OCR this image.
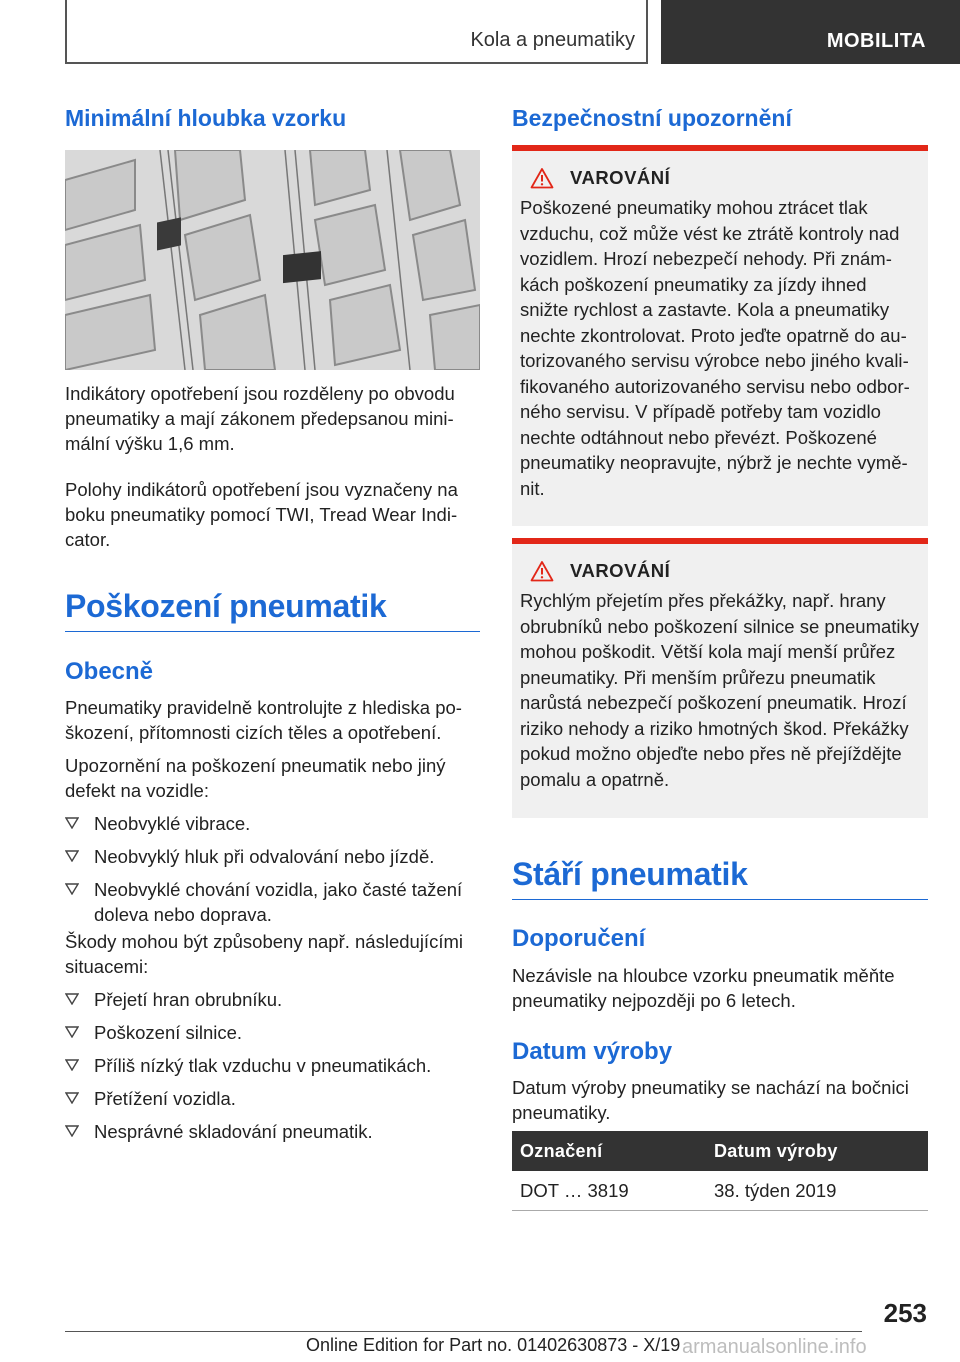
Kola a pneumatiky	MOBILITA
Minimální hloubka vzorku

Indikátory opotřebení jsou rozděleny po obvodu pneumatiky a mají zákonem předepsanou minimální výšku 1,6 mm.

Polohy indikátorů opotřebení jsou vyznačeny na boku pneumatiky pomocí TWI, Tread Wear Indicator.

Poškození pneumatik
Obecně

Pneumatiky pravidelně kontrolujte z hlediska poškození, přítomnosti cizích těles a opotřebení.

Upozornění na poškození pneumatik nebo jiný defekt na vozidle:

Neobvyklé vibrace.
Neobvyklý hluk při odvalování nebo jízdě.
Neobvyklé chování vozidla, jako časté tažení doleva nebo doprava.

Škody mohou být způsobeny např. následujícími situacemi:

Přejetí hran obrubníku.
Poškození silnice.
Příliš nízký tlak vzduchu v pneumatikách.
Přetížení vozidla.
Nesprávné skladování pneumatik.
Bezpečnostní upozornění
VAROVÁNÍ

Poškozené pneumatiky mohou ztrácet tlak vzduchu, což může vést ke ztrátě kontroly nad vozidlem. Hrozí nebezpečí nehody. Při známkách poškození pneumatiky za jízdy ihned snižte rychlost a zastavte. Kola a pneumatiky nechte zkontrolovat. Proto jeďte opatrně do autorizovaného servisu výrobce nebo jiného kvalifikovaného autorizovaného servisu nebo odborného servisu. V případě potřeby tam vozidlo nechte odtáhnout nebo převézt. Poškozené pneumatiky neopravujte, nýbrž je nechte vyměnit.

VAROVÁNÍ

Rychlým přejetím přes překážky, např. hrany obrubníků nebo poškození silnice se pneumatiky mohou poškodit. Větší kola mají menší průřez pneumatiky. Při menším průřezu pneumatik narůstá nebezpečí poškození pneumatik. Hrozí riziko nehody a riziko hmotných škod. Překážky pokud možno objeďte nebo přes ně přejíždějte pomalu a opatrně.

Stáří pneumatik
Doporučení

Nezávisle na hloubce vzorku pneumatik měňte pneumatiky nejpozději po 6 letech.

Datum výroby

Datum výroby pneumatiky se nachází na bočnici pneumatiky.

Označení	Datum výroby
DOT … 3819	38. týden 2019
253
Online Edition for Part no. 01402630873 - X/19 armanualsonline.info
